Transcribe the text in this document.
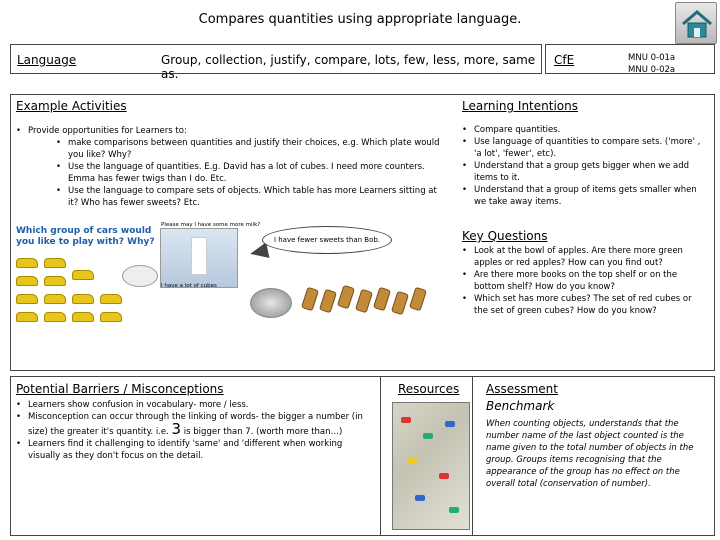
Compares quantities using appropriate language.
Language	Group, collection, justify, compare, lots, few, less, more, same as.
CfE	MNU 0-01a
MNU 0-02a
Example Activities
• Provide opportunities for Learners to:
• make comparisons between quantities and justify their choices, e.g. Which plate would you like? Why?
• Use the language of quantities. E.g. David has a lot of cubes. I need more counters. Emma has fewer twigs than I do. Etc.
• Use the language to compare sets of objects. Which table has more Learners sitting at it? Who has fewer sweets? Etc.
Which group of cars would you like to play with? Why?
Please may I have some more milk?
I have a lot of cubes
I have fewer sweets than Bob.
Learning Intentions
• Compare quantities.
• Use language of quantities to compare sets. ('more' , 'a lot', 'fewer', etc).
• Understand that a group gets bigger when we add items to it.
• Understand that a group of items gets smaller when we take away items.
Key Questions
• Look at the bowl of apples. Are there more green apples or red apples? How can you find out?
• Are there more books on the top shelf or on the bottom shelf? How do you know?
• Which set has more cubes? The set of red cubes or the set of green cubes? How do you know?
Potential Barriers / Misconceptions
• Learners show confusion in vocabulary- more / less.
• Misconception can occur through the linking of words- the bigger a number (in size) the greater it's quantity. i.e. 3 is bigger than 7. (worth more than…)
• Learners find it challenging to identify 'same' and 'different when working visually as they don't focus on the detail.
Resources Assessment
Benchmark
When counting objects, understands that the number name of the last object counted is the name given to the total number of objects in the group. Groups items recognising that the appearance of the group has no effect on the overall total (conservation of number).
